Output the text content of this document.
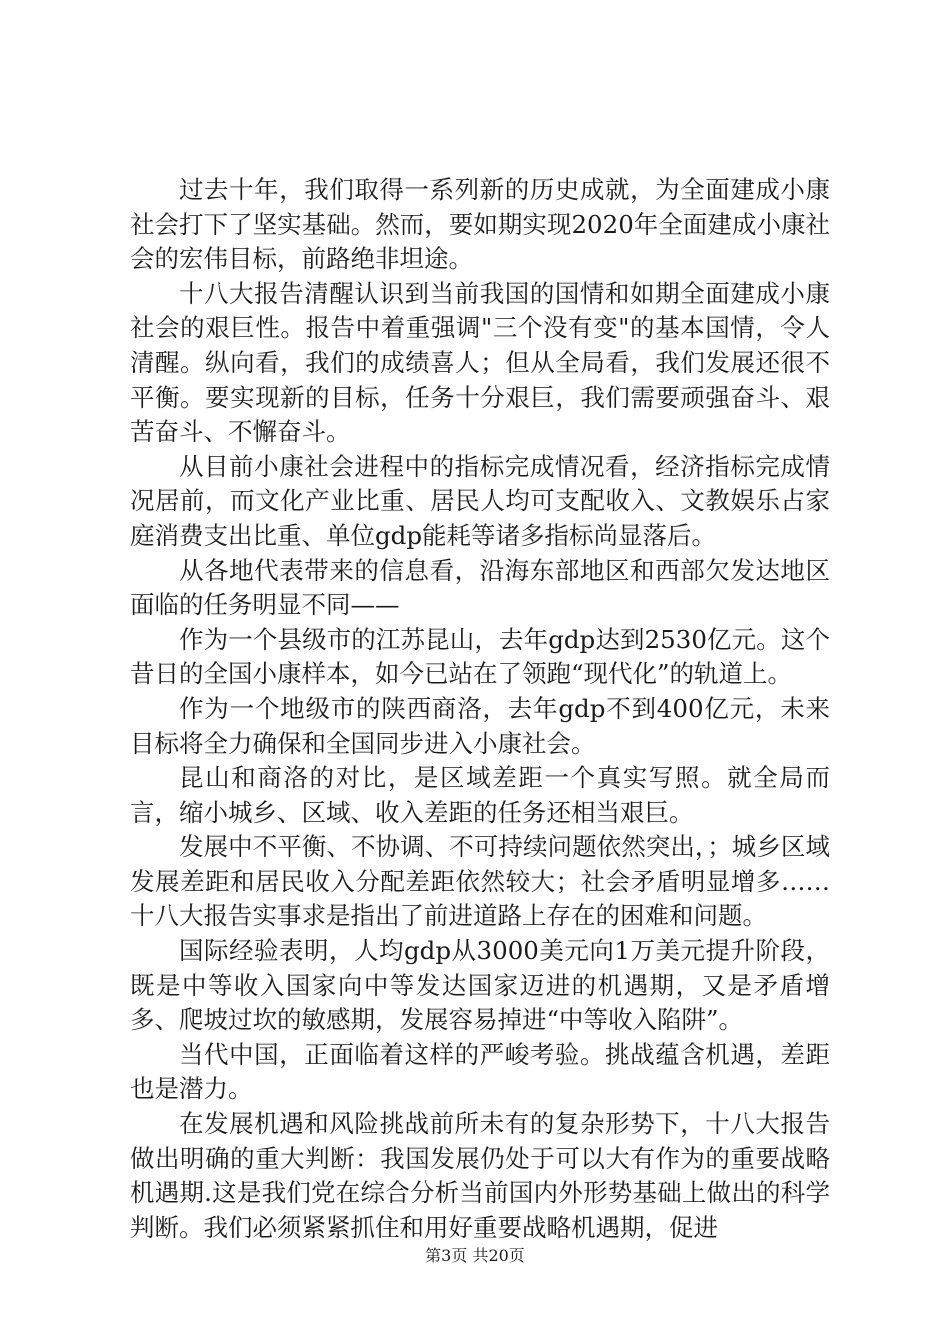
过去十年，我们取得一系列新的历史成就，为全面建成小康社会打下了坚实基础。然而，要如期实现2020年全面建成小康社会的宏伟目标，前路绝非坦途。

十八大报告清醒认识到当前我国的国情和如期全面建成小康社会的艰巨性。报告中着重强调"三个没有变"的基本国情，令人清醒。纵向看，我们的成绩喜人；但从全局看，我们发展还很不平衡。要实现新的目标，任务十分艰巨，我们需要顽强奋斗、艰苦奋斗、不懈奋斗。

从目前小康社会进程中的指标完成情况看，经济指标完成情况居前，而文化产业比重、居民人均可支配收入、文教娱乐占家庭消费支出比重、单位gdp能耗等诸多指标尚显落后。

从各地代表带来的信息看，沿海东部地区和西部欠发达地区面临的任务明显不同——

作为一个县级市的江苏昆山，去年gdp达到2530亿元。这个昔日的全国小康样本，如今已站在了领跑“现代化”的轨道上。

作为一个地级市的陕西商洛，去年gdp不到400亿元，未来目标将全力确保和全国同步进入小康社会。

昆山和商洛的对比，是区域差距一个真实写照。就全局而言，缩小城乡、区域、收入差距的任务还相当艰巨。

发展中不平衡、不协调、不可持续问题依然突出，；城乡区域发展差距和居民收入分配差距依然较大；社会矛盾明显增多……十八大报告实事求是指出了前进道路上存在的困难和问题。

国际经验表明，人均gdp从3000美元向1万美元提升阶段，既是中等收入国家向中等发达国家迈进的机遇期，又是矛盾增多、爬坡过坎的敏感期，发展容易掉进“中等收入陷阱”。

当代中国，正面临着这样的严峻考验。挑战蕴含机遇，差距也是潜力。

在发展机遇和风险挑战前所未有的复杂形势下，十八大报告做出明确的重大判断：我国发展仍处于可以大有作为的重要战略机遇期.这是我们党在综合分析当前国内外形势基础上做出的科学判断。我们必须紧紧抓住和用好重要战略机遇期，促进

第3页 共20页
